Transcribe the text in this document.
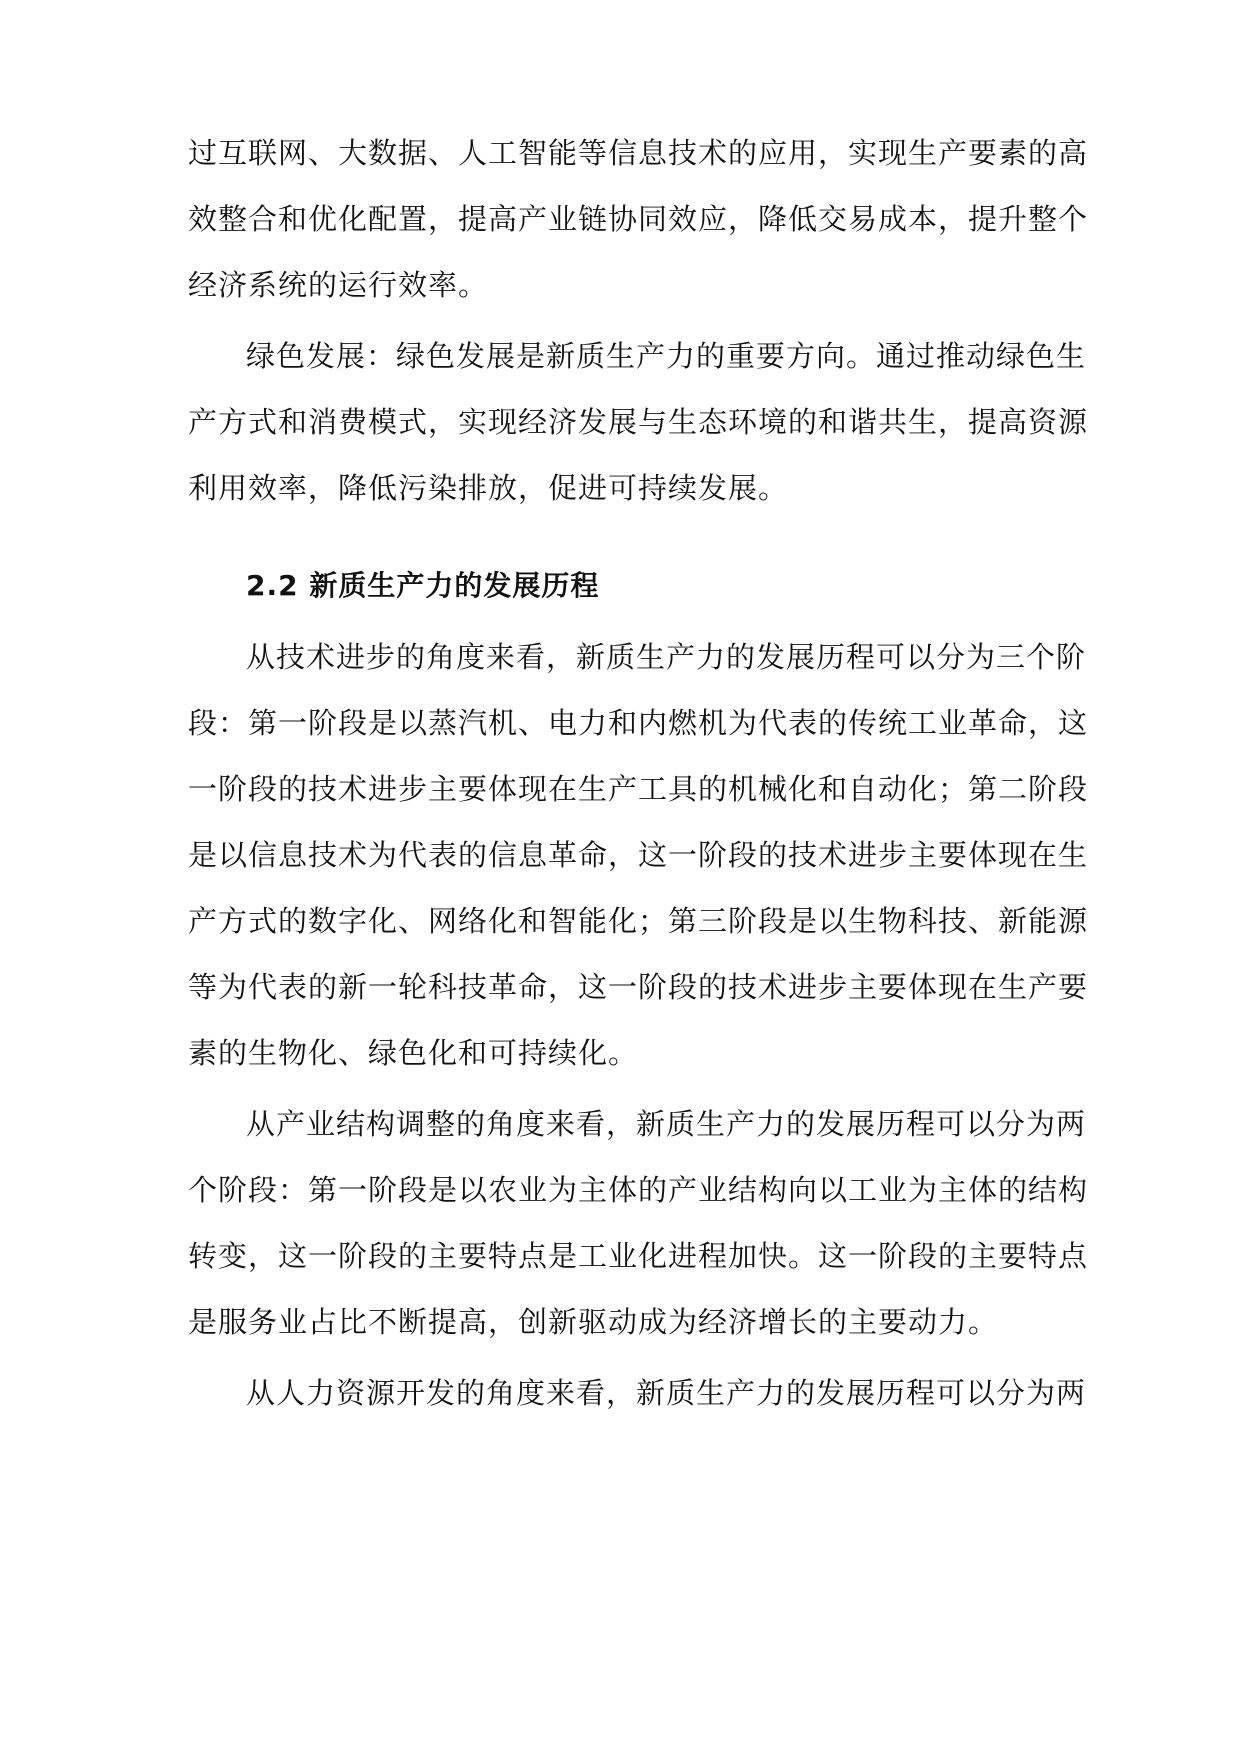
过互联网、大数据、人工智能等信息技术的应用，实现生产要素的高
效整合和优化配置，提高产业链协同效应，降低交易成本，提升整个
经济系统的运行效率。
绿色发展：绿色发展是新质生产力的重要方向。通过推动绿色生
产方式和消费模式，实现经济发展与生态环境的和谐共生，提高资源
利用效率，降低污染排放，促进可持续发展。
2.2 新质生产力的发展历程
从技术进步的角度来看，新质生产力的发展历程可以分为三个阶
段：第一阶段是以蒸汽机、电力和内燃机为代表的传统工业革命，这
一阶段的技术进步主要体现在生产工具的机械化和自动化；第二阶段
是以信息技术为代表的信息革命，这一阶段的技术进步主要体现在生
产方式的数字化、网络化和智能化；第三阶段是以生物科技、新能源
等为代表的新一轮科技革命，这一阶段的技术进步主要体现在生产要
素的生物化、绿色化和可持续化。
从产业结构调整的角度来看，新质生产力的发展历程可以分为两
个阶段：第一阶段是以农业为主体的产业结构向以工业为主体的结构
转变，这一阶段的主要特点是工业化进程加快。这一阶段的主要特点
是服务业占比不断提高，创新驱动成为经济增长的主要动力。
从人力资源开发的角度来看，新质生产力的发展历程可以分为两
